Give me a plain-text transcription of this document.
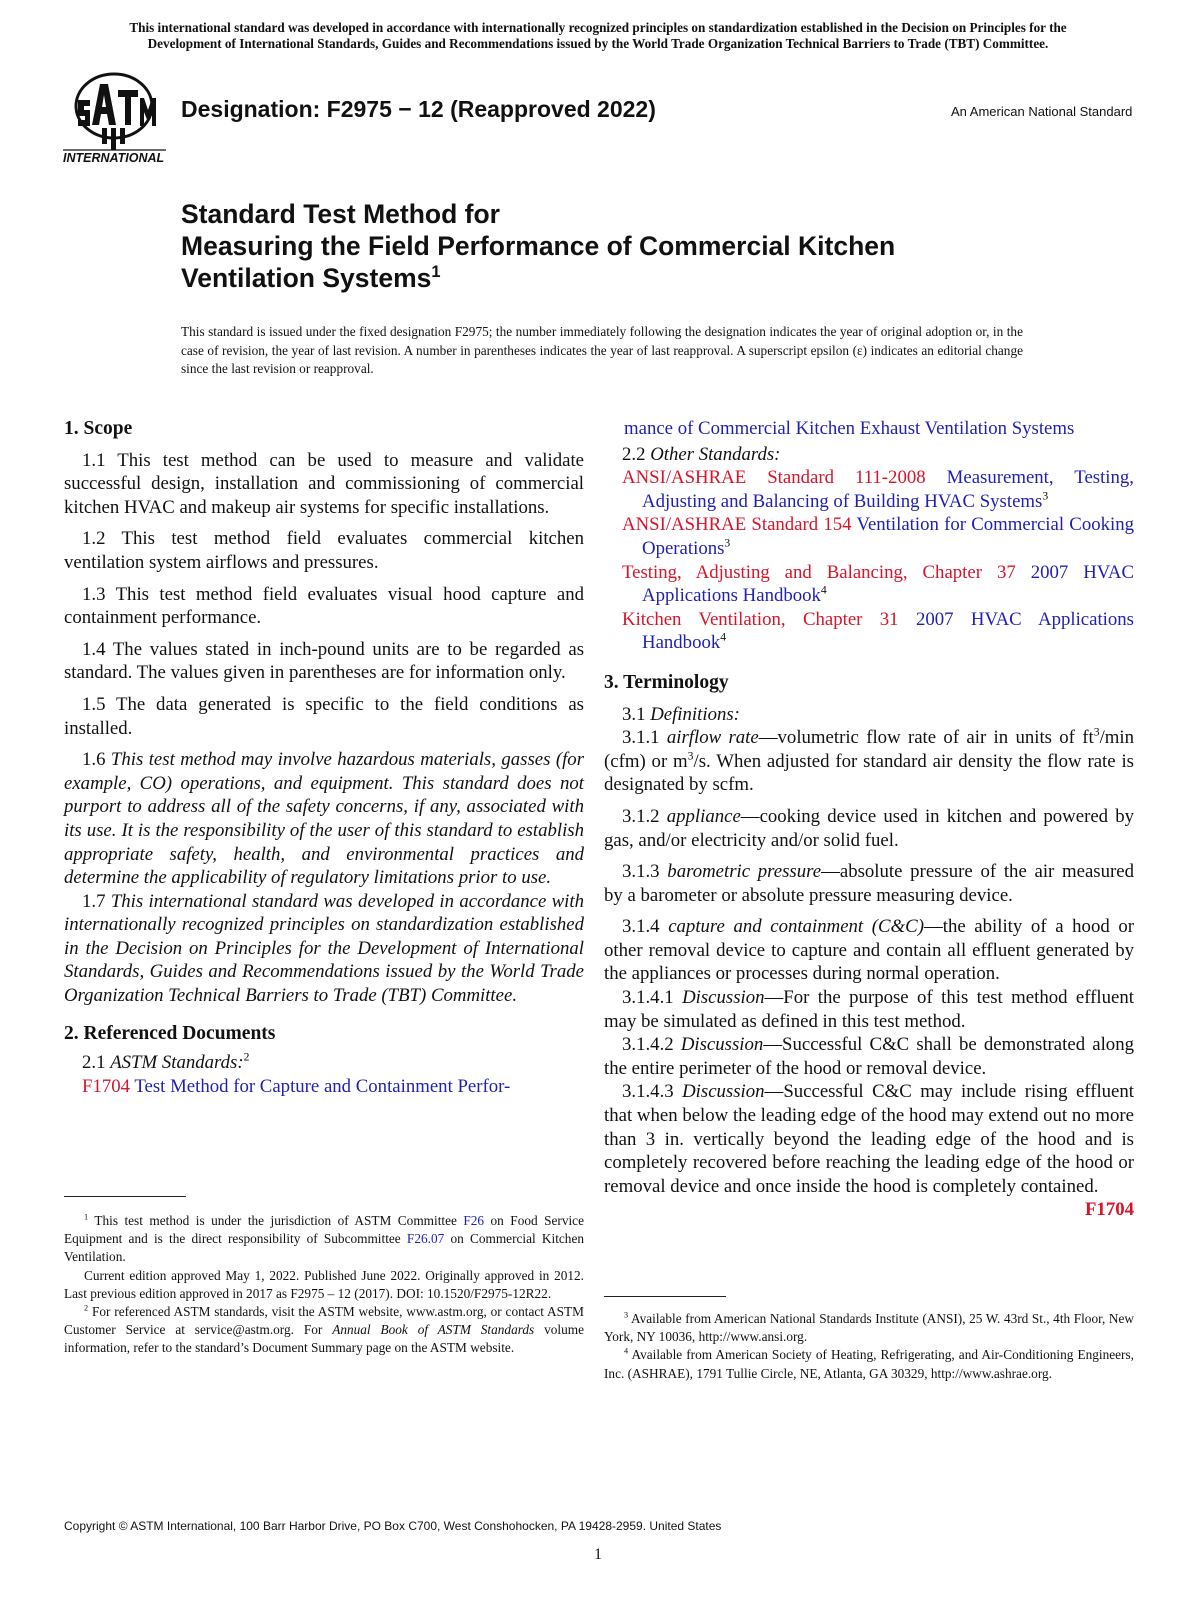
This international standard was developed in accordance with internationally recognized principles on standardization established in the Decision on Principles for the
Development of International Standards, Guides and Recommendations issued by the World Trade Organization Technical Barriers to Trade (TBT) Committee.
INTERNATIONAL
Designation: F2975 − 12 (Reapproved 2022)	An American National Standard
Standard Test Method for
Measuring the Field Performance of Commercial Kitchen
Ventilation Systems$^1$
This standard is issued under the fixed designation F2975; the number immediately following the designation indicates the year of original adoption or, in the case of revision, the year of last revision. A number in parentheses indicates the year of last reapproval. A superscript epsilon (ε) indicates an editorial change since the last revision or reapproval.

1. Scope

1.1 This test method can be used to measure and validate successful design, installation and commissioning of commercial kitchen HVAC and makeup air systems for specific installations.

1.2 This test method field evaluates commercial kitchen ventilation system airflows and pressures.

1.3 This test method field evaluates visual hood capture and containment performance.

1.4 The values stated in inch-pound units are to be regarded as standard. The values given in parentheses are for information only.

1.5 The data generated is specific to the field conditions as installed.

1.6 This test method may involve hazardous materials, gasses (for example, CO) operations, and equipment. This standard does not purport to address all of the safety concerns, if any, associated with its use. It is the responsibility of the user of this standard to establish appropriate safety, health, and environmental practices and determine the applicability of regulatory limitations prior to use.

1.7 This international standard was developed in accordance with internationally recognized principles on standardization established in the Decision on Principles for the Development of International Standards, Guides and Recommendations issued by the World Trade Organization Technical Barriers to Trade (TBT) Committee.

2. Referenced Documents

2.1 ASTM Standards:$^2$

F1704 Test Method for Capture and Containment Perfor-

$^1$ This test method is under the jurisdiction of ASTM Committee F26 on Food Service Equipment and is the direct responsibility of Subcommittee F26.07 on Commercial Kitchen Ventilation.

Current edition approved May 1, 2022. Published June 2022. Originally approved in 2012. Last previous edition approved in 2017 as F2975 – 12 (2017). DOI: 10.1520/F2975-12R22.

$^2$ For referenced ASTM standards, visit the ASTM website, www.astm.org, or contact ASTM Customer Service at service@astm.org. For Annual Book of ASTM Standards volume information, refer to the standard’s Document Summary page on the ASTM website.

mance of Commercial Kitchen Exhaust Ventilation Systems

2.2 Other Standards:

ANSI/ASHRAE Standard 111-2008 Measurement, Testing, Adjusting and Balancing of Building HVAC Systems$^3$

ANSI/ASHRAE Standard 154 Ventilation for Commercial Cooking Operations$^3$

Testing, Adjusting and Balancing, Chapter 37 2007 HVAC Applications Handbook$^4$

Kitchen Ventilation, Chapter 31 2007 HVAC Applications Handbook$^4$

3. Terminology

3.1 Definitions:

3.1.1 airflow rate—volumetric flow rate of air in units of $ft^3/\min$ (cfm) or $m^3/s$. When adjusted for standard air density the flow rate is designated by scfm.

3.1.2 appliance—cooking device used in kitchen and powered by gas, and/or electricity and/or solid fuel.

3.1.3 barometric pressure—absolute pressure of the air measured by a barometer or absolute pressure measuring device.

3.1.4 capture and containment (C&C)—the ability of a hood or other removal device to capture and contain all effluent generated by the appliances or processes during normal operation.

3.1.4.1 Discussion—For the purpose of this test method effluent may be simulated as defined in this test method.

3.1.4.2 Discussion—Successful C&C shall be demonstrated along the entire perimeter of the hood or removal device.

3.1.4.3 Discussion—Successful C&C may include rising effluent that when below the leading edge of the hood may extend out no more than 3 in. vertically beyond the leading edge of the hood and is completely recovered before reaching the leading edge of the hood or removal device and once inside the hood is completely contained.
F1704

$^3$ Available from American National Standards Institute (ANSI), 25 W. 43rd St., 4th Floor, New York, NY 10036, http://www.ansi.org.

$^4$ Available from American Society of Heating, Refrigerating, and Air-Conditioning Engineers, Inc. (ASHRAE), 1791 Tullie Circle, NE, Atlanta, GA 30329, http://www.ashrae.org.

Copyright © ASTM International, 100 Barr Harbor Drive, PO Box C700, West Conshohocken, PA 19428-2959. United States
1
